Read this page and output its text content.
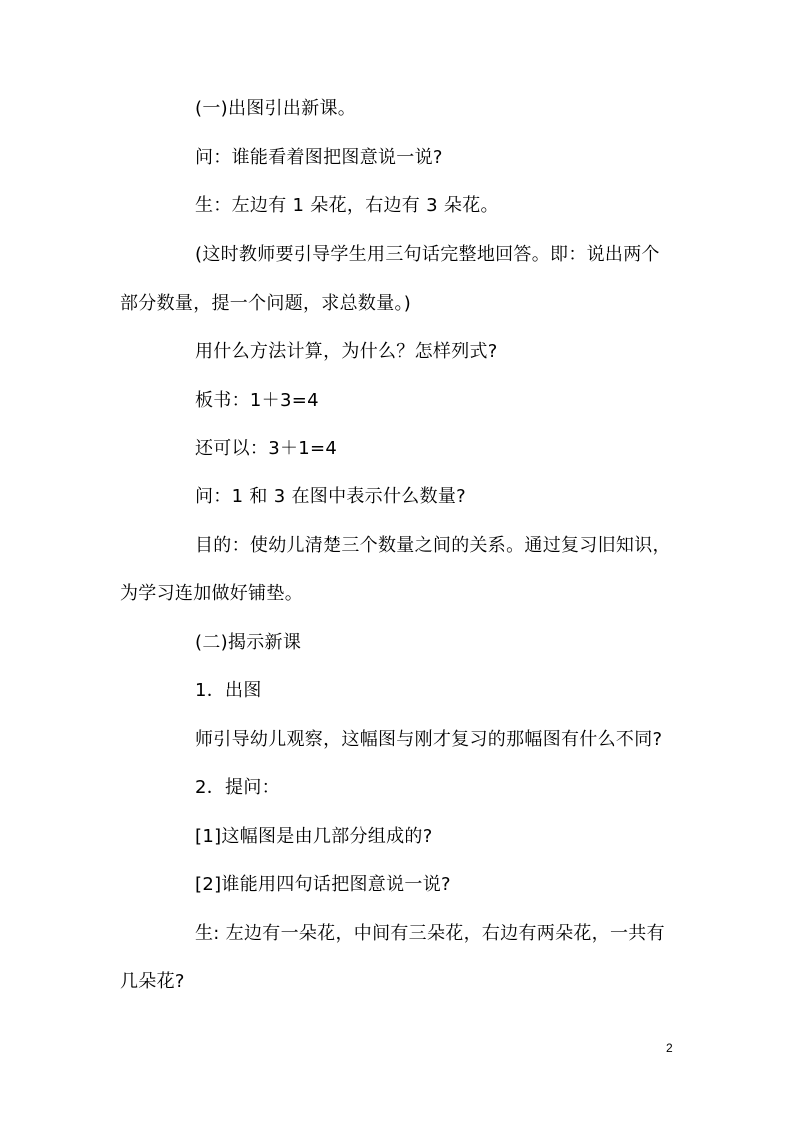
(一)出图引出新课。
问：谁能看着图把图意说一说?
生：左边有 1 朵花，右边有 3 朵花。
(这时教师要引导学生用三句话完整地回答。即：说出两个
部分数量，提一个问题，求总数量。)
用什么方法计算，为什么？怎样列式?
板书：1＋3=4
还可以：3＋1=4
问：1 和 3 在图中表示什么数量?
目的：使幼儿清楚三个数量之间的关系。通过复习旧知识，
为学习连加做好铺垫。
(二)揭示新课
1．出图
师引导幼儿观察，这幅图与刚才复习的那幅图有什么不同?
2．提问：
[1]这幅图是由几部分组成的?
[2]谁能用四句话把图意说一说?
生: 左边有一朵花，中间有三朵花，右边有两朵花，一共有
几朵花?
2
